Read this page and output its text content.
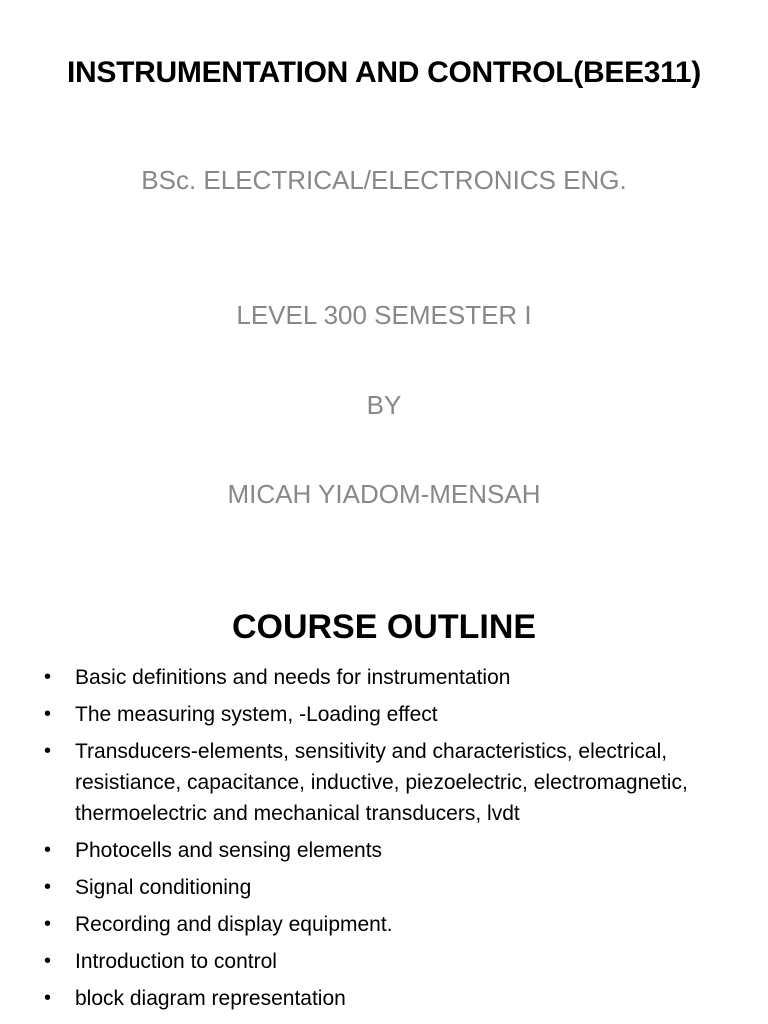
INSTRUMENTATION AND CONTROL(BEE311)
BSc. ELECTRICAL/ELECTRONICS ENG.
LEVEL 300 SEMESTER I
BY
MICAH YIADOM-MENSAH
COURSE OUTLINE
• Basic definitions and needs for instrumentation
• The measuring system, -Loading effect
• Transducers-elements, sensitivity and characteristics, electrical, resistiance, capacitance, inductive, piezoelectric, electromagnetic, thermoelectric and mechanical transducers, lvdt
• Photocells and sensing elements
• Signal conditioning
• Recording and display equipment.
• Introduction to control
• block diagram representation
